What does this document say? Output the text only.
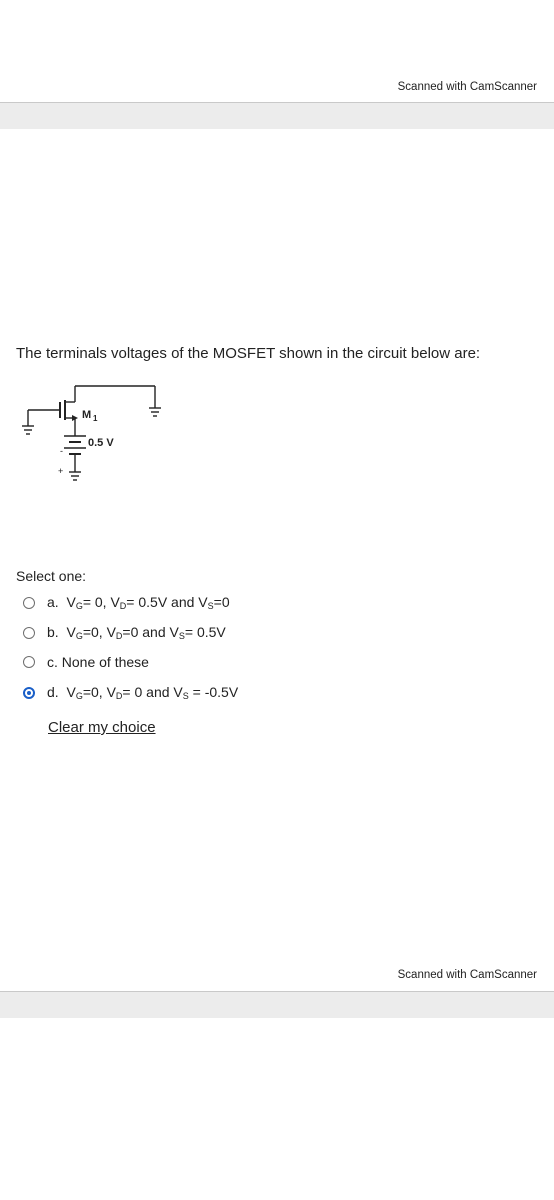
Scanned with CamScanner
The terminals voltages of the MOSFET shown in the circuit below are:
M 1
0.5 V
-
+
Select one:
a. $V_G= 0$, $V_D= 0.5V$ and $V_S=0$
b. $V_G=0$, $V_D=0$ and $V_S= 0.5V$
c. None of these
d. $V_G=0$, $V_D= 0$ and $V_S = -0.5V$
Clear my choice
Scanned with CamScanner
